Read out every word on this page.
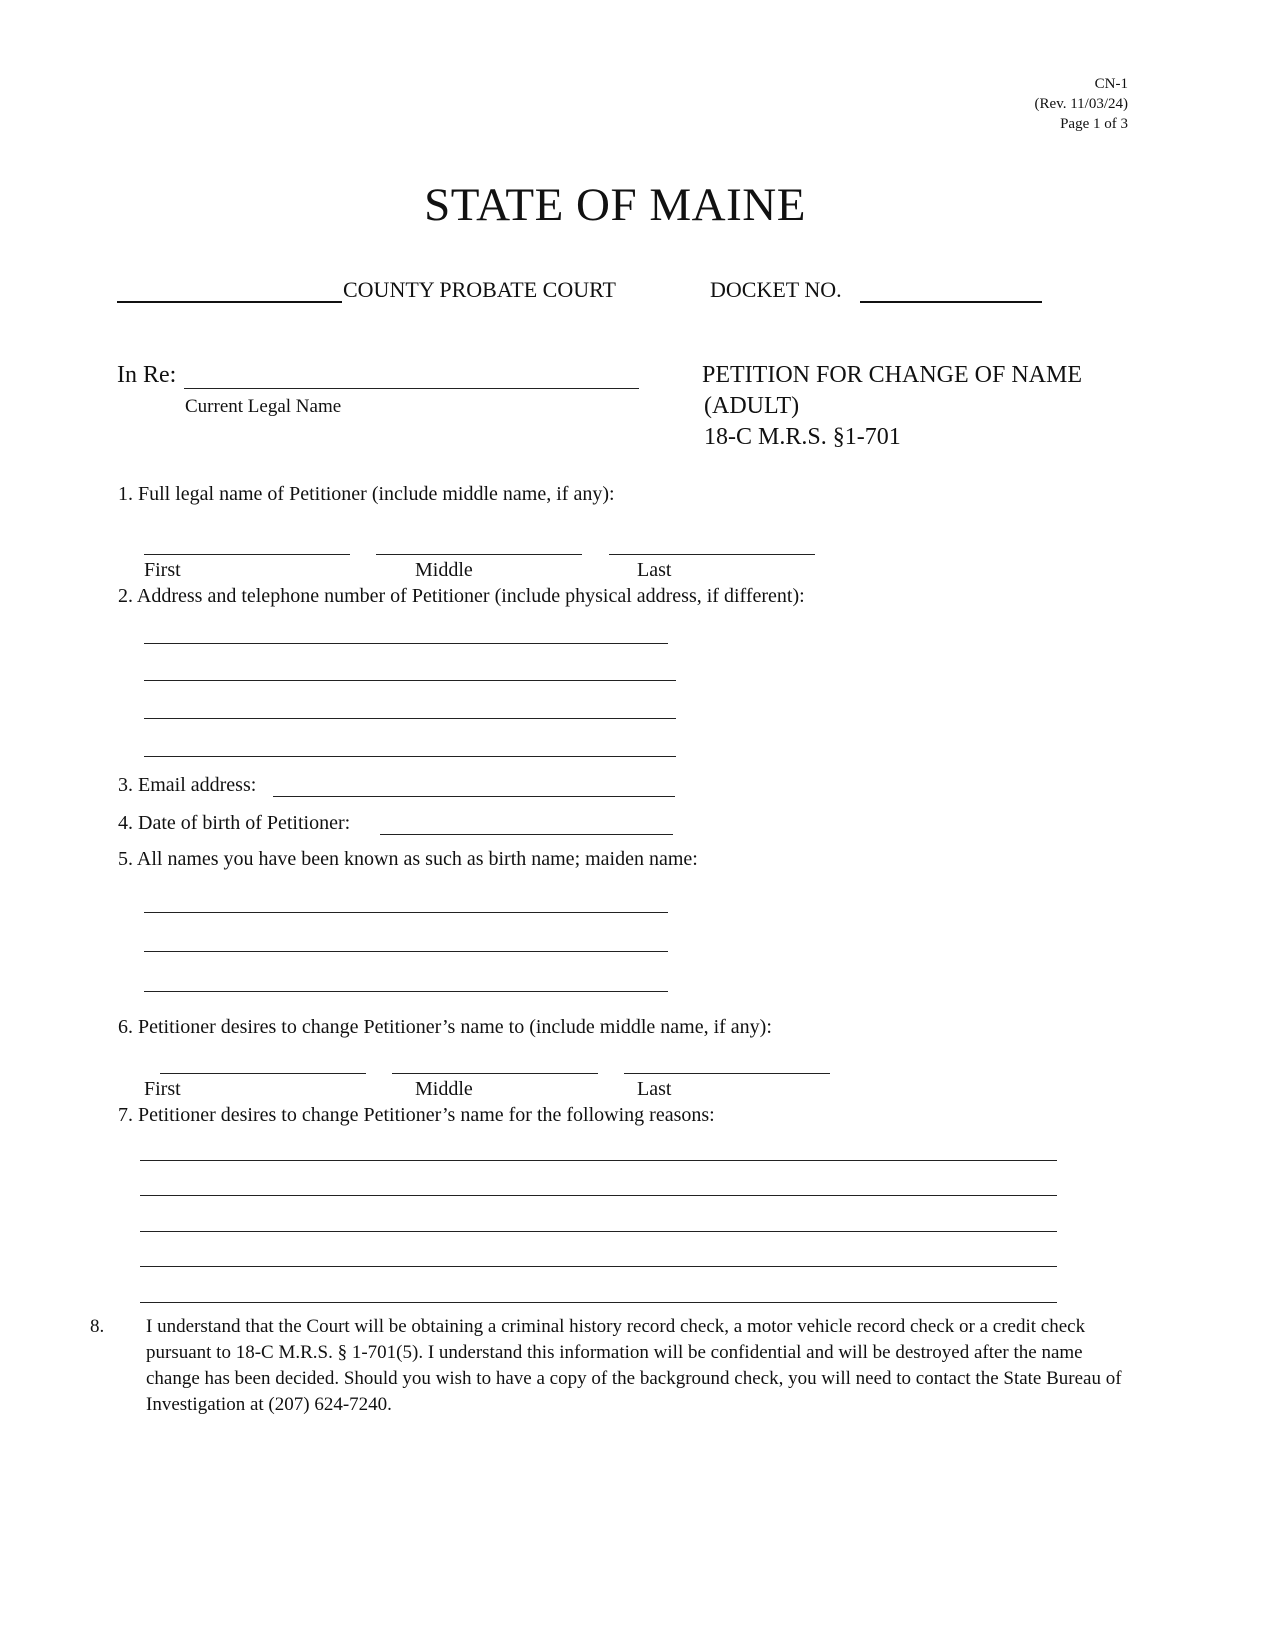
CN-1
(Rev. 11/03/24)
Page 1 of 3
STATE OF MAINE
COUNTY PROBATE COURT	DOCKET NO.
In Re:
Current Legal Name
PETITION FOR CHANGE OF NAME
(ADULT)
18-C M.R.S. §1-701
1. Full legal name of Petitioner (include middle name, if any):
First	Middle	Last
2. Address and telephone number of Petitioner (include physical address, if different):
3. Email address:
4. Date of birth of Petitioner:
5. All names you have been known as such as birth name; maiden name:
6. Petitioner desires to change Petitioner’s name to (include middle name, if any):
First	Middle	Last
7. Petitioner desires to change Petitioner’s name for the following reasons:
8. I understand that the Court will be obtaining a criminal history record check, a motor vehicle record check or a credit check pursuant to 18-C M.R.S. § 1-701(5). I understand this information will be confidential and will be destroyed after the name change has been decided. Should you wish to have a copy of the background check, you will need to contact the State Bureau of Investigation at (207) 624-7240.
